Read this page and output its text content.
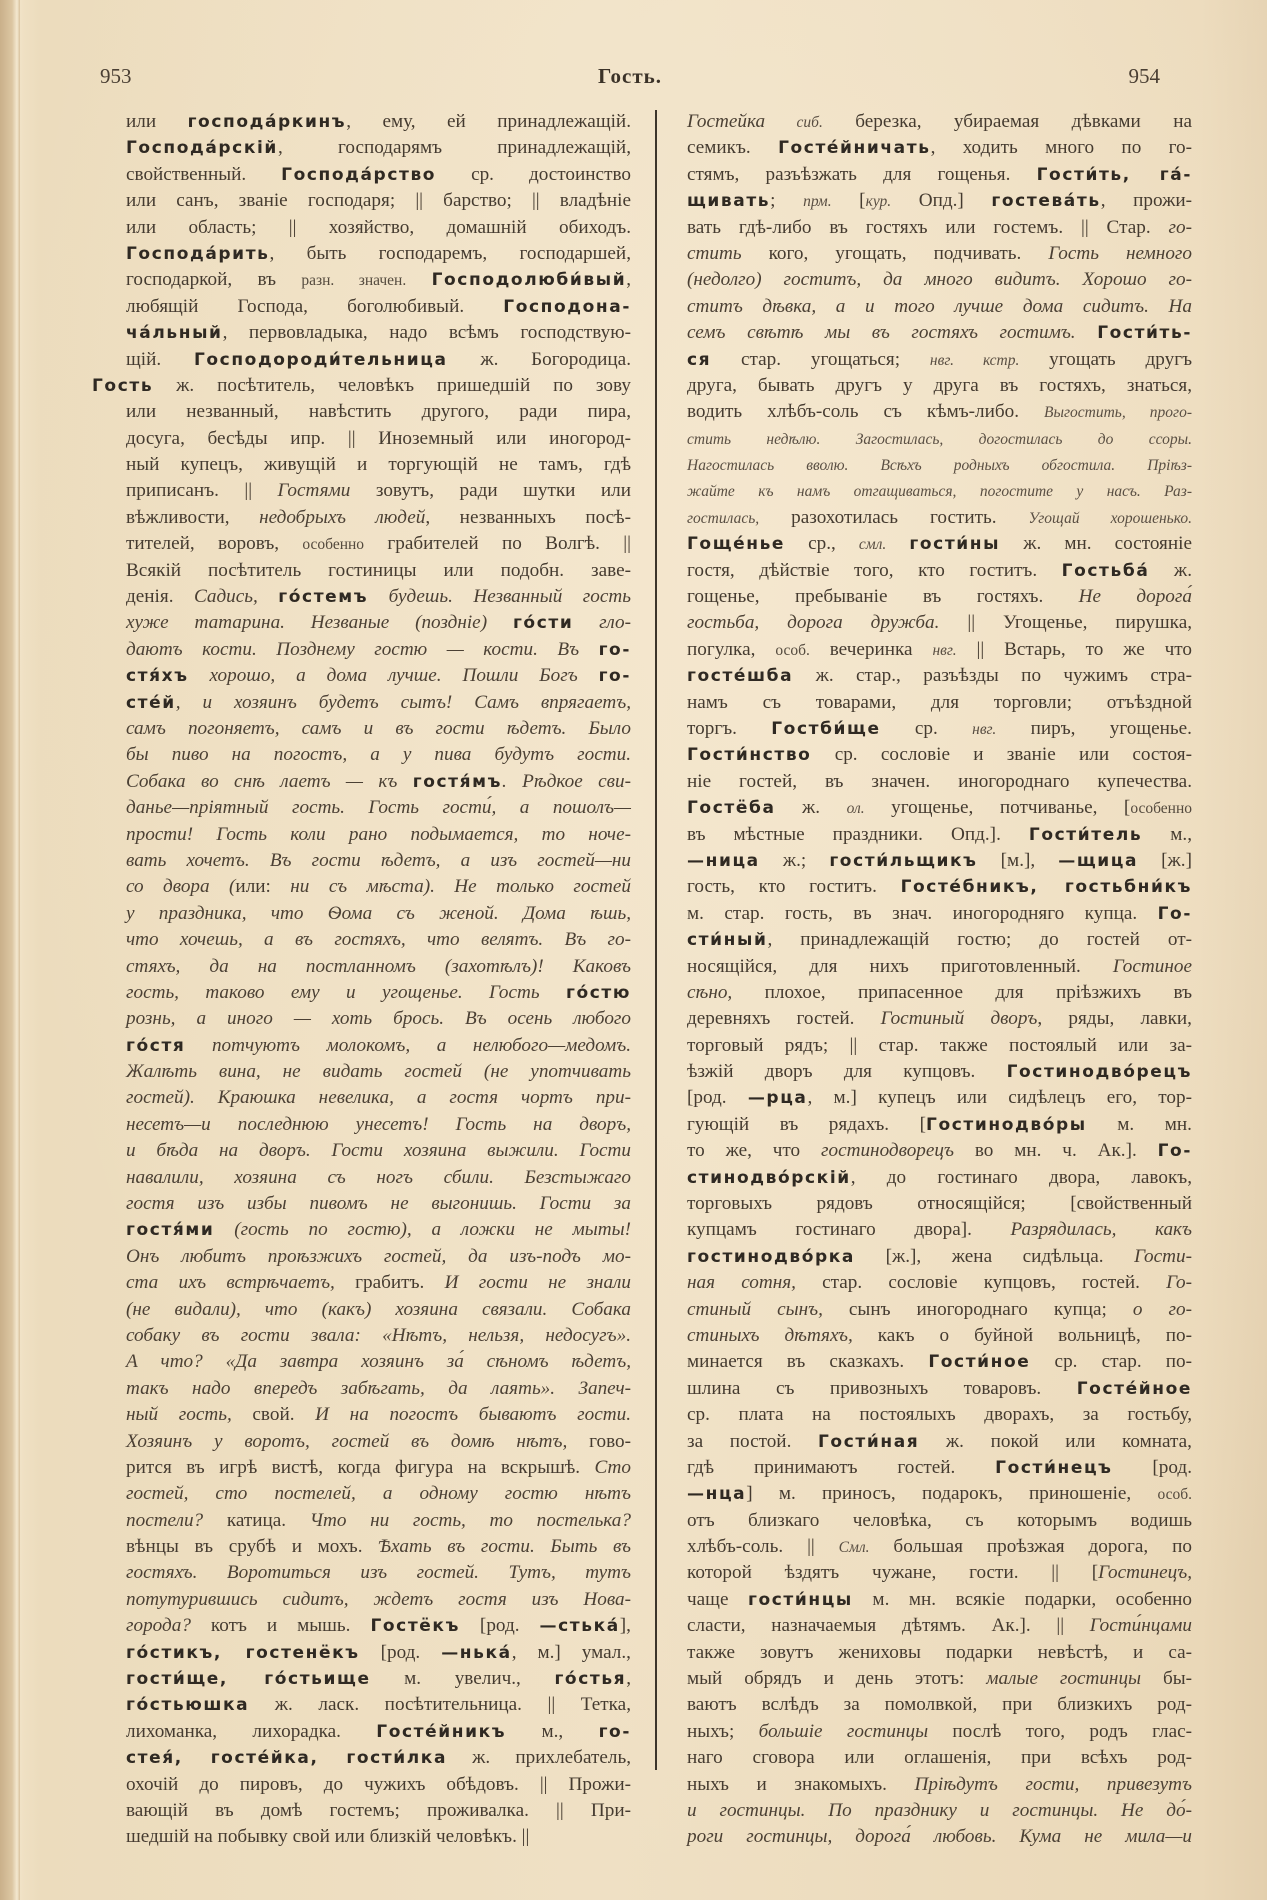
953	Гость.	954
или господа́ркинъ, ему, ей принадлежащій.
Господа́рскій, господарямъ принадлежащій,
свойственный. Господа́рство ср. достоинство
или санъ, званіе господаря; || барство; || владѣніе
или область; || хозяйство, домашній обиходъ.
Господа́рить, быть господаремъ, господаршей,
господаркой, въ разн. значен. Господолюби́вый,
любящій Господа, боголюбивый. Господона-
ча́льный, первовладыка, надо всѣмъ господствую-
щій. Господороди́тельница ж. Богородица.
Гость ж. посѣтитель, человѣкъ пришедшій по зову
или незванный, навѣстить другого, ради пира,
досуга, бесѣды ипр. || Иноземный или иногород-
ный купецъ, живущій и торгующій не тамъ, гдѣ
приписанъ. || Гостями зовутъ, ради шутки или
вѣжливости, недобрыхъ людей, незванныхъ посѣ-
тителей, воровъ, особенно грабителей по Волгѣ. ||
Всякій посѣтитель гостиницы или подобн. заве-
денія. Садись, го́стемъ будешь. Незванный гость
хуже татарина. Незваные (поздніе) го́сти гло-
даютъ кости. Позднему гостю — кости. Въ го-
стя́хъ хорошо, а дома лучше. Пошли Богъ го-
сте́й, и хозяинъ будетъ сытъ! Самъ впрягаетъ,
самъ погоняетъ, самъ и въ гости ѣдетъ. Было
бы пиво на погостъ, а у пива будутъ гости.
Собака во снѣ лаетъ — къ гостя́мъ. Рѣдкое сви-
данье—пріятный гость. Гость гости́, а пошолъ—
прости! Гость коли рано подымается, то ноче-
вать хочетъ. Въ гости ѣдетъ, а изъ гостей—ни
со двора (или: ни съ мѣста). Не только гостей
у праздника, что Ѳома съ женой. Дома ѣшь,
что хочешь, а въ гостяхъ, что велятъ. Въ го-
стяхъ, да на постланномъ (захотѣлъ)! Каковъ
гость, таково ему и угощенье. Гость го́стю
рознь, а иного — хоть брось. Въ осень любого
го́стя потчуютъ молокомъ, а нелюбого—медомъ.
Жалѣть вина, не видать гостей (не употчивать
гостей). Краюшка невелика, а гостя чортъ при-
несетъ—и последнюю унесетъ! Гость на дворъ,
и бѣда на дворъ. Гости хозяина выжили. Гости
навалили, хозяина съ ногъ сбили. Безстыжаго
гостя изъ избы пивомъ не выгонишь. Гости за
гостя́ми (гость по гостю), а ложки не мыты!
Онъ любитъ проѣзжихъ гостей, да изъ-подъ мо-
ста ихъ встрѣчаетъ, грабитъ. И гости не знали
(не видали), что (какъ) хозяина связали. Собака
собаку въ гости звала: «Нѣтъ, нельзя, недосугъ».
А что? «Да завтра хозяинъ за́ сѣномъ ѣдетъ,
такъ надо впередъ забѣгать, да лаять». Запеч-
ный гость, свой. И на погостъ бываютъ гости.
Хозяинъ у воротъ, гостей въ домѣ нѣтъ, гово-
рится въ игрѣ вистѣ, когда фигура на вскрышѣ. Сто
гостей, сто постелей, а одному гостю нѣтъ
постели? катица. Что ни гость, то постелька?
вѣнцы въ срубѣ и мохъ. Ѣхать въ гости. Быть въ
гостяхъ. Воротиться изъ гостей. Тутъ, тутъ
потутурившись сидитъ, ждетъ гостя изъ Нова-
города? котъ и мышь. Гостёкъ [род. —стька́],
го́стикъ, гостенёкъ [род. —нька́, м.] умал.,
гости́ще, го́стьище м. увелич., го́стья,
го́стьюшка ж. ласк. посѣтительница. || Тетка,
лихоманка, лихорадка. Госте́йникъ м., го-
стея́, госте́йка, гости́лка ж. прихлебатель,
охочій до пировъ, до чужихъ обѣдовъ. || Прожи-
вающій въ домѣ гостемъ; проживалка. || При-
шедшій на побывку свой или близкій человѣкъ. ||
Гостейка сиб. березка, убираемая дѣвками на
семикъ. Госте́йничать, ходить много по го-
стямъ, разъѣзжать для гощенья. Гости́ть, га́-
щивать; прм. [кур. Опд.] гостева́ть, прожи-
вать гдѣ-либо въ гостяхъ или гостемъ. || Стар. го-
стить кого, угощать, подчивать. Гость немного
(недолго) гоститъ, да много видитъ. Хорошо го-
ститъ дѣвка, а и того лучше дома сидитъ. На
семъ свѣтѣ мы въ гостяхъ гостимъ. Гости́ть-
ся стар. угощаться; нвг. кстр. угощать другъ
друга, бывать другъ у друга въ гостяхъ, знаться,
водить хлѣбъ-соль съ кѣмъ-либо. Выгостить, прого-
стить недѣлю. Загостилась, догостилась до ссоры.
Нагостилась вволю. Всѣхъ родныхъ обгостила. Пріѣз-
жайте къ намъ отгащиваться, погостите у насъ. Раз-
гостилась, разохотилась гостить. Угощай хорошенько.
Гоще́нье ср., смл. гости́ны ж. мн. состояніе
гостя, дѣйствіе того, кто гоститъ. Гостьба́ ж.
гощенье, пребываніе въ гостяхъ. Не дорога́
гостьба, дорога дружба. || Угощенье, пирушка,
погулка, особ. вечеринка нвг. || Встарь, то же что
госте́шба ж. стар., разъѣзды по чужимъ стра-
намъ съ товарами, для торговли; отъѣздной
торгъ. Гостби́ще ср. нвг. пиръ, угощенье.
Гости́нство ср. сословіе и званіе или состоя-
ніе гостей, въ значен. иногороднаго купечества.
Гостёба ж. ол. угощенье, потчиванье, [особенно
въ мѣстные праздники. Опд.]. Гости́тель м.,
—ница ж.; гости́льщикъ [м.], —щица [ж.]
гость, кто гоститъ. Госте́бникъ, гостьбни́къ
м. стар. гость, въ знач. иногородняго купца. Го-
сти́ный, принадлежащій гостю; до гостей от-
носящійся, для нихъ приготовленный. Гостиное
сѣно, плохое, припасенное для пріѣзжихъ въ
деревняхъ гостей. Гостиный дворъ, ряды, лавки,
торговый рядъ; || стар. также постоялый или за-
ѣзжій дворъ для купцовъ. Гостинодво́рецъ
[род. —рца, м.] купецъ или сидѣлецъ его, тор-
гующій въ рядахъ. [Гостинодво́ры м. мн.
то же, что гостинодворецъ во мн. ч. Ак.]. Го-
стинодво́рскій, до гостинаго двора, лавокъ,
торговыхъ рядовъ относящійся; [свойственный
купцамъ гостинаго двора]. Разрядилась, какъ
гостинодво́рка [ж.], жена сидѣльца. Гости-
ная сотня, стар. сословіе купцовъ, гостей. Го-
стиный сынъ, сынъ иногороднаго купца; о го-
стиныхъ дѣтяхъ, какъ о буйной вольницѣ, по-
минается въ сказкахъ. Гости́ное ср. стар. по-
шлина съ привозныхъ товаровъ. Госте́йное
ср. плата на постоялыхъ дворахъ, за гостьбу,
за постой. Гости́ная ж. покой или комната,
гдѣ принимаютъ гостей. Гости́нецъ [род.
—нца] м. приносъ, подарокъ, приношеніе, особ.
отъ близкаго человѣка, съ которымъ водишь
хлѣбъ-соль. || Смл. большая проѣзжая дорога, по
которой ѣздятъ чужане, гости. || [Гостинецъ,
чаще гости́нцы м. мн. всякіе подарки, особенно
сласти, назначаемыя дѣтямъ. Ак.]. || Гости́нцами
также зовутъ жениховы подарки невѣстѣ, и са-
мый обрядъ и день этотъ: малые гостинцы бы-
ваютъ вслѣдъ за помолвкой, при близкихъ род-
ныхъ; большіе гостинцы послѣ того, родъ глас-
наго сговора или оглашенія, при всѣхъ род-
ныхъ и знакомыхъ. Пріѣдутъ гости, привезутъ
и гостинцы. По празднику и гостинцы. Не до́-
роги гостинцы, дорога́ любовь. Кума не мила—и
